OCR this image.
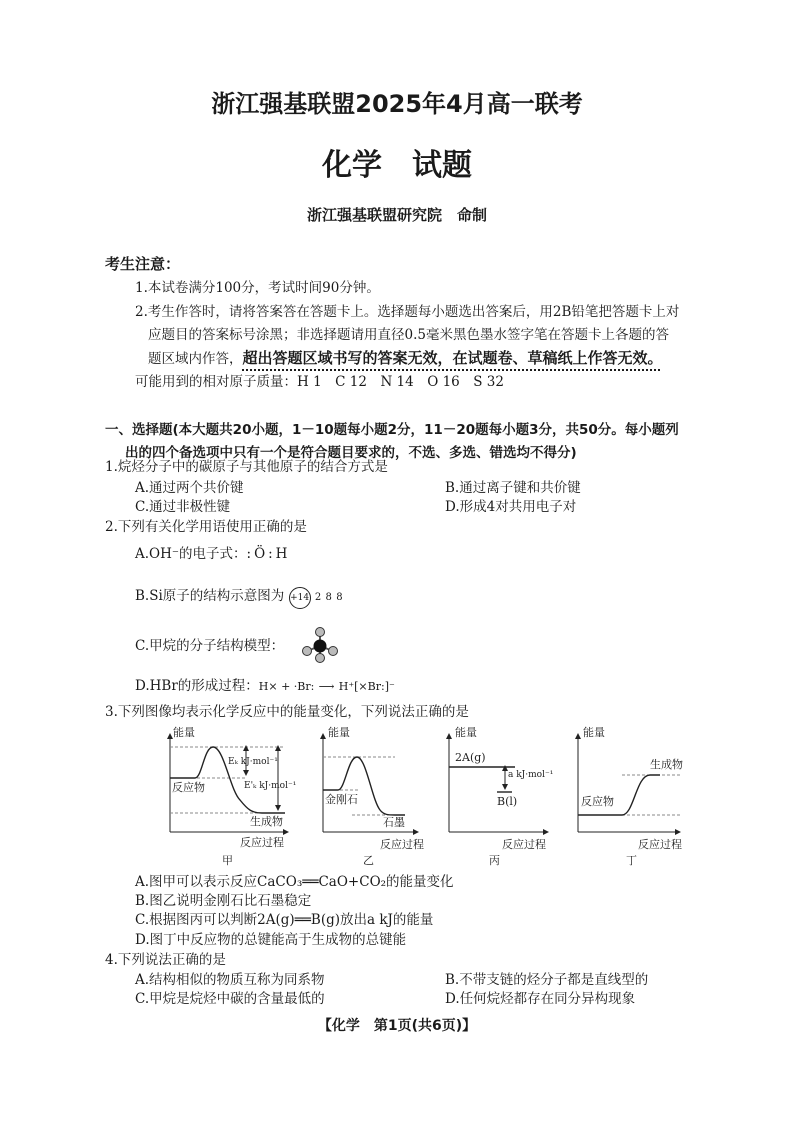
浙江强基联盟2025年4月高一联考
化学　试题
浙江强基联盟研究院　命制
考生注意：
1.本试卷满分100分，考试时间90分钟。
2.考生作答时，请将答案答在答题卡上。选择题每小题选出答案后，用2B铅笔把答题卡上对
应题目的答案标号涂黑；非选择题请用直径0.5毫米黑色墨水签字笔在答题卡上各题的答
题区域内作答，超出答题区域书写的答案无效，在试题卷、草稿纸上作答无效。
可能用到的相对原子质量：H 1　C 12　N 14　O 16　S 32
一、选择题(本大题共20小题，1－10题每小题2分，11－20题每小题3分，共50分。每小题列
出的四个备选项中只有一个是符合题目要求的，不选、多选、错选均不得分)
1.烷烃分子中的碳原子与其他原子的结合方式是
A.通过两个共价键	B.通过离子键和共价键
C.通过非极性键	D.形成4对共用电子对
2.下列有关化学用语使用正确的是
A.OH⁻的电子式：:Ö:H
B.Si原子的结构示意图为 +14 2 8 8
C.甲烷的分子结构模型：
D.HBr的形成过程：H× + ·Br: ⟶ H⁺[×Br:]⁻
3.下列图像均表示化学反应中的能量变化，下列说法正确的是
能量
反应物
生成物
Eₖ kJ·mol⁻¹
E'ₖ kJ·mol⁻¹
反应过程
甲
能量
金刚石
石墨
反应过程
乙
能量
2A(g)
B(l)
a kJ·mol⁻¹
反应过程
丙
能量
反应物
生成物
反应过程
丁
A.图甲可以表示反应CaCO₃══CaO+CO₂的能量变化
B.图乙说明金刚石比石墨稳定
C.根据图丙可以判断2A(g)══B(g)放出a kJ的能量
D.图丁中反应物的总键能高于生成物的总键能
4.下列说法正确的是
A.结构相似的物质互称为同系物	B.不带支链的烃分子都是直线型的
C.甲烷是烷烃中碳的含量最低的	D.任何烷烃都存在同分异构现象
【化学　第1页(共6页)】
